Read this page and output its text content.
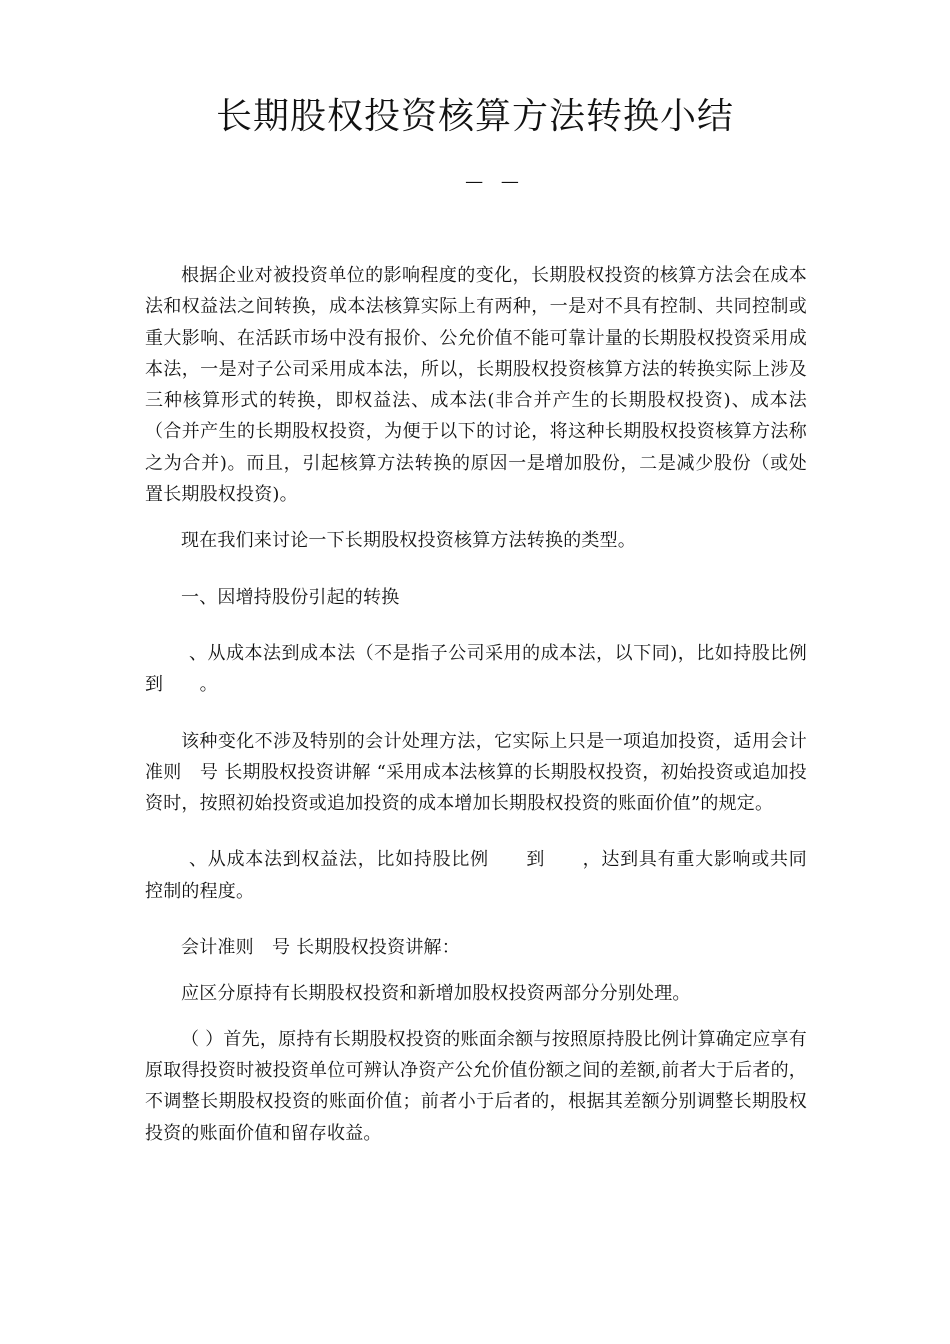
长期股权投资核算方法转换小结
— —

根据企业对被投资单位的影响程度的变化，长期股权投资的核算方法会在成本法和权益法之间转换，成本法核算实际上有两种，一是对不具有控制、共同控制或重大影响、在活跃市场中没有报价、公允价值不能可靠计量的长期股权投资采用成本法，一是对子公司采用成本法，所以，长期股权投资核算方法的转换实际上涉及三种核算形式的转换，即权益法、成本法(非合并产生的长期股权投资)、成本法（合并产生的长期股权投资，为便于以下的讨论，将这种长期股权投资核算方法称之为合并)。而且，引起核算方法转换的原因一是增加股份，二是减少股份（或处置长期股权投资)。

现在我们来讨论一下长期股权投资核算方法转换的类型。

一、因增持股份引起的转换

、从成本法到成本法（不是指子公司采用的成本法，以下同)，比如持股比例　　到　　。

该种变化不涉及特别的会计处理方法，它实际上只是一项追加投资，适用会计准则　号 长期股权投资讲解 “采用成本法核算的长期股权投资，初始投资或追加投资时，按照初始投资或追加投资的成本增加长期股权投资的账面价值”的规定。

、从成本法到权益法，比如持股比例　　到　　，达到具有重大影响或共同控制的程度。

会计准则　号 长期股权投资讲解：

应区分原持有长期股权投资和新增加股权投资两部分分别处理。

（ ）首先，原持有长期股权投资的账面余额与按照原持股比例计算确定应享有原取得投资时被投资单位可辨认净资产公允价值份额之间的差额,前者大于后者的，不调整长期股权投资的账面价值；前者小于后者的，根据其差额分别调整长期股权投资的账面价值和留存收益。
